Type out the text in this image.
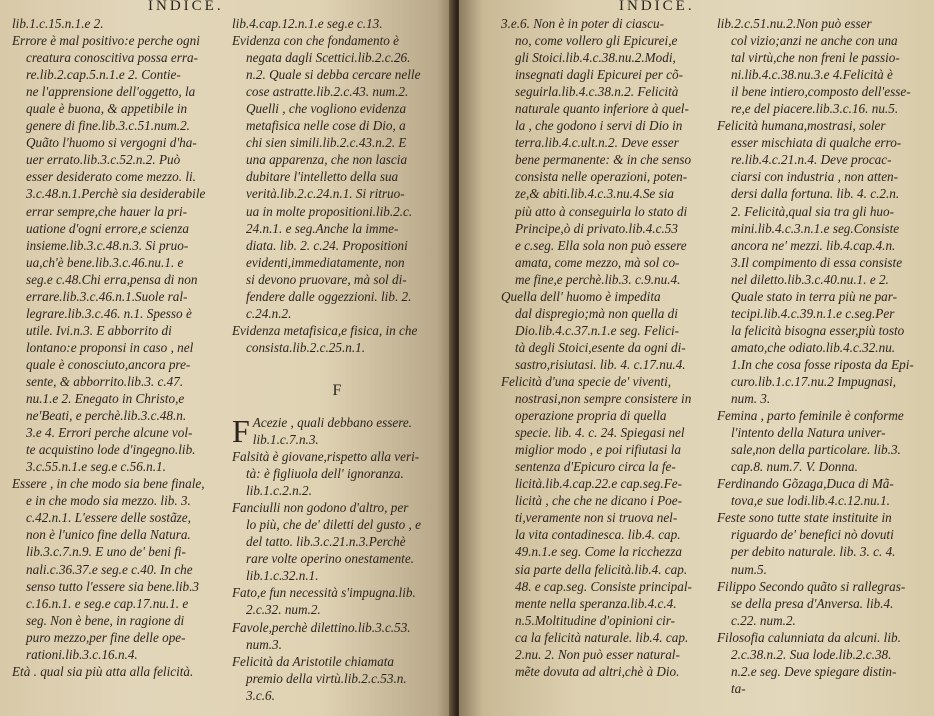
INDICE.
lib.1.c.15.n.1.e 2.
Errore è mal positivo:e perche ogni
creatura conoscitiva possa erra-
re.lib.2.cap.5.n.1.e 2. Contie-
ne l'apprensione dell'oggetto, la
quale è buona, & appetibile in
genere di fine.lib.3.c.51.num.2.
Quãto l'huomo si vergogni d'ha-
uer errato.lib.3.c.52.n.2. Può
esser desiderato come mezzo. li.
3.c.48.n.1.Perchè sia desiderabile
errar sempre,che hauer la pri-
uatione d'ogni errore,e scienza
insieme.lib.3.c.48.n.3. Si pruo-
ua,ch'è bene.lib.3.c.46.nu.1. e
seg.e c.48.Chi erra,pensa di non
errare.lib.3.c.46.n.1.Suole ral-
legrare.lib.3.c.46. n.1. Spesso è
utile. Ivi.n.3. E abborrito di
lontano:e proponsi in caso , nel
quale è conosciuto,ancora pre-
sente, & abborrito.lib.3. c.47.
nu.1.e 2. Enegato in Christo,e
ne'Beati, e perchè.lib.3.c.48.n.
3.e 4. Errori perche alcune vol-
te acquistino lode d'ingegno.lib.
3.c.55.n.1.e seg.e c.56.n.1.
Essere , in che modo sia bene finale,
e in che modo sia mezzo. lib. 3.
c.42.n.1. L'essere delle sostãze,
non è l'unico fine della Natura.
lib.3.c.7.n.9. E uno de' beni fi-
nali.c.36.37.e seg.e c.40. In che
senso tutto l'essere sia bene.lib.3
c.16.n.1. e seg.e cap.17.nu.1. e
seg. Non è bene, in ragione di
puro mezzo,per fine delle ope-
rationi.lib.3.c.16.n.4.
Età . qual sia più atta alla felicità.
lib.4.cap.12.n.1.e seg.e c.13.
Evidenza con che fondamento è
negata dagli Scettici.lib.2.c.26.
n.2. Quale si debba cercare nelle
cose astratte.lib.2.c.43. num.2.
Quelli , che vogliono evidenza
metafisica nelle cose di Dio, a
chi sien simili.lib.2.c.43.n.2. E
una apparenza, che non lascia
dubitare l'intelletto della sua
verità.lib.2.c.24.n.1. Si ritruo-
ua in molte propositioni.lib.2.c.
24.n.1. e seg.Anche la imme-
diata. lib. 2. c.24. Propositioni
evidenti,immediatamente, non
si devono pruovare, mà sol di-
fendere dalle oggezzioni. lib. 2.
c.24.n.2.
Evidenza metafisica,e fisica, in che
consista.lib.2.c.25.n.1.
F
F Acezie , quali debbano essere.
lib.1.c.7.n.3.
Falsità è giovane,rispetto alla veri-
tà: è figliuola dell' ignoranza.
lib.1.c.2.n.2.
Fanciulli non godono d'altro, per
lo più, che de' diletti del gusto , e
del tatto. lib.3.c.21.n.3.Perchè
rare volte operino onestamente.
lib.1.c.32.n.1.
Fato,e fun necessità s'impugna.lib.
2.c.32. num.2.
Favole,perchè dilettino.lib.3.c.53.
num.3.
Felicità da Aristotile chiamata
premio della virtù.lib.2.c.53.n.
3.c.6.
INDICE.
3.e.6. Non è in poter di ciascu-
no, come vollero gli Epicurei,e
gli Stoici.lib.4.c.38.nu.2.Modi,
insegnati dagli Epicurei per cõ-
seguirla.lib.4.c.38.n.2. Felicità
naturale quanto inferiore à quel-
la , che godono i servi di Dio in
terra.lib.4.c.ult.n.2. Deve esser
bene permanente: & in che senso
consista nelle operazioni, poten-
ze,& abiti.lib.4.c.3.nu.4.Se sia
più atto à conseguirla lo stato di
Principe,ò di privato.lib.4.c.53
e c.seg. Ella sola non può essere
amata, come mezzo, mà sol co-
me fine,e perchè.lib.3. c.9.nu.4.
Quella dell' huomo è impedita
dal dispregio;mà non quella di
Dio.lib.4.c.37.n.1.e seg. Felici-
tà degli Stoici,esente da ogni di-
sastro,risiutasi. lib. 4. c.17.nu.4.
Felicità d'una specie de' viventi,
nostrasi,non sempre consistere in
operazione propria di quella
specie. lib. 4. c. 24. Spiegasi nel
miglior modo , e poi rifiutasi la
sentenza d'Epicuro circa la fe-
licità.lib.4.cap.22.e cap.seg.Fe-
licità , che che ne dicano i Poe-
ti,veramente non si truova nel-
la vita contadinesca. lib.4. cap.
49.n.1.e seg. Come la ricchezza
sia parte della felicità.lib.4. cap.
48. e cap.seg. Consiste principal-
mente nella speranza.lib.4.c.4.
n.5.Moltitudine d'opinioni cir-
ca la felicità naturale. lib.4. cap.
2.nu. 2. Non può esser natural-
mẽte dovuta ad altri,chè à Dio.
lib.2.c.51.nu.2.Non può esser
col vizio;anzi ne anche con una
tal virtù,che non freni le passio-
ni.lib.4.c.38.nu.3.e 4.Felicità è
il bene intiero,composto dell'esse-
re,e del piacere.lib.3.c.16. nu.5.
Felicità humana,mostrasi, soler
esser mischiata di qualche erro-
re.lib.4.c.21.n.4. Deve procac-
ciarsi con industria , non atten-
dersi dalla fortuna. lib. 4. c.2.n.
2. Felicità,qual sia tra gli huo-
mini.lib.4.c.3.n.1.e seg.Consiste
ancora ne' mezzi. lib.4.cap.4.n.
3.Il compimento di essa consiste
nel diletto.lib.3.c.40.nu.1. e 2.
Quale stato in terra più ne par-
tecipi.lib.4.c.39.n.1.e c.seg.Per
la felicità bisogna esser,più tosto
amato,che odiato.lib.4.c.32.nu.
1.In che cosa fosse riposta da Epi-
curo.lib.1.c.17.nu.2 Impugnasi,
num. 3.
Femina , parto feminile è conforme
l'intento della Natura univer-
sale,non della particolare. lib.3.
cap.8. num.7. V. Donna.
Ferdinando Gõzaga,Duca di Mã-
tova,e sue lodi.lib.4.c.12.nu.1.
Feste sono tutte state instituite in
riguardo de' benefici nò dovuti
per debito naturale. lib. 3. c. 4.
num.5.
Filippo Secondo quãto si rallegras-
se della presa d'Anversa. lib.4.
c.22. num.2.
Filosofia calunniata da alcuni. lib.
2.c.38.n.2. Sua lode.lib.2.c.38.
n.2.e seg. Deve spiegare distin-
ta-
